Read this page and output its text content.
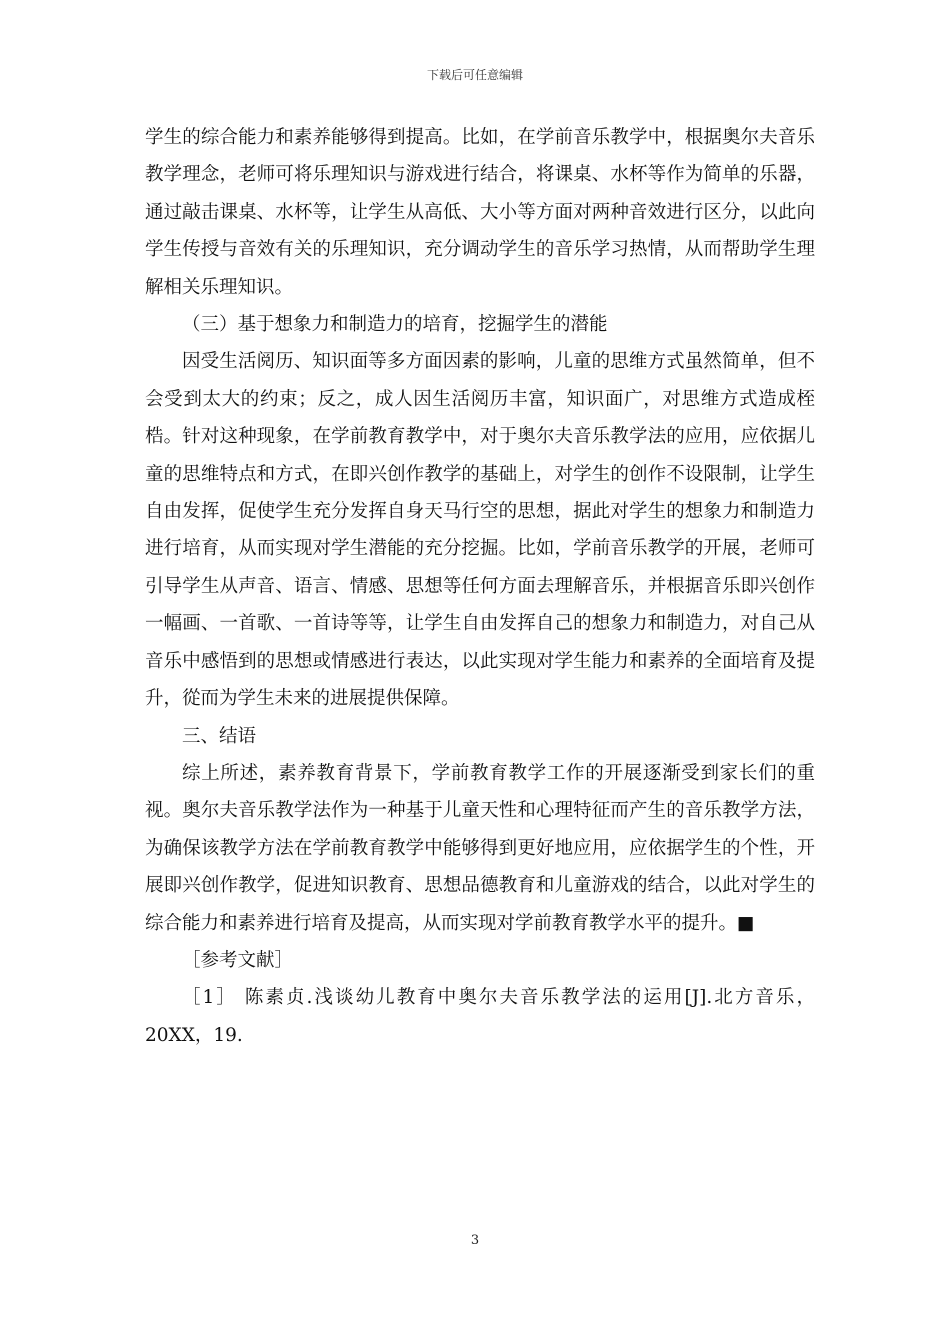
下载后可任意编辑

学生的综合能力和素养能够得到提高。比如，在学前音乐教学中，根据奥尔夫音乐教学理念，老师可将乐理知识与游戏进行结合，将课桌、水杯等作为简单的乐器，通过敲击课桌、水杯等，让学生从高低、大小等方面对两种音效进行区分，以此向学生传授与音效有关的乐理知识，充分调动学生的音乐学习热情，从而帮助学生理解相关乐理知识。

（三）基于想象力和制造力的培育，挖掘学生的潜能

因受生活阅历、知识面等多方面因素的影响，儿童的思维方式虽然简单，但不会受到太大的约束；反之，成人因生活阅历丰富，知识面广，对思维方式造成桎梏。针对这种现象，在学前教育教学中，对于奥尔夫音乐教学法的应用，应依据儿童的思维特点和方式，在即兴创作教学的基础上，对学生的创作不设限制，让学生自由发挥，促使学生充分发挥自身天马行空的思想，据此对学生的想象力和制造力进行培育，从而实现对学生潜能的充分挖掘。比如，学前音乐教学的开展，老师可引导学生从声音、语言、情感、思想等任何方面去理解音乐，并根据音乐即兴创作一幅画、一首歌、一首诗等等，让学生自由发挥自己的想象力和制造力，对自己从音乐中感悟到的思想或情感进行表达，以此实现对学生能力和素养的全面培育及提升，從而为学生未来的进展提供保障。

三、结语

综上所述，素养教育背景下，学前教育教学工作的开展逐渐受到家长们的重视。奥尔夫音乐教学法作为一种基于儿童天性和心理特征而产生的音乐教学方法，为确保该教学方法在学前教育教学中能够得到更好地应用，应依据学生的个性，开展即兴创作教学，促进知识教育、思想品德教育和儿童游戏的结合，以此对学生的综合能力和素养进行培育及提高，从而实现对学前教育教学水平的提升。■

［参考文献］

［1］ 陈素贞.浅谈幼儿教育中奥尔夫音乐教学法的运用[J].北方音乐，20XX，19.

3
